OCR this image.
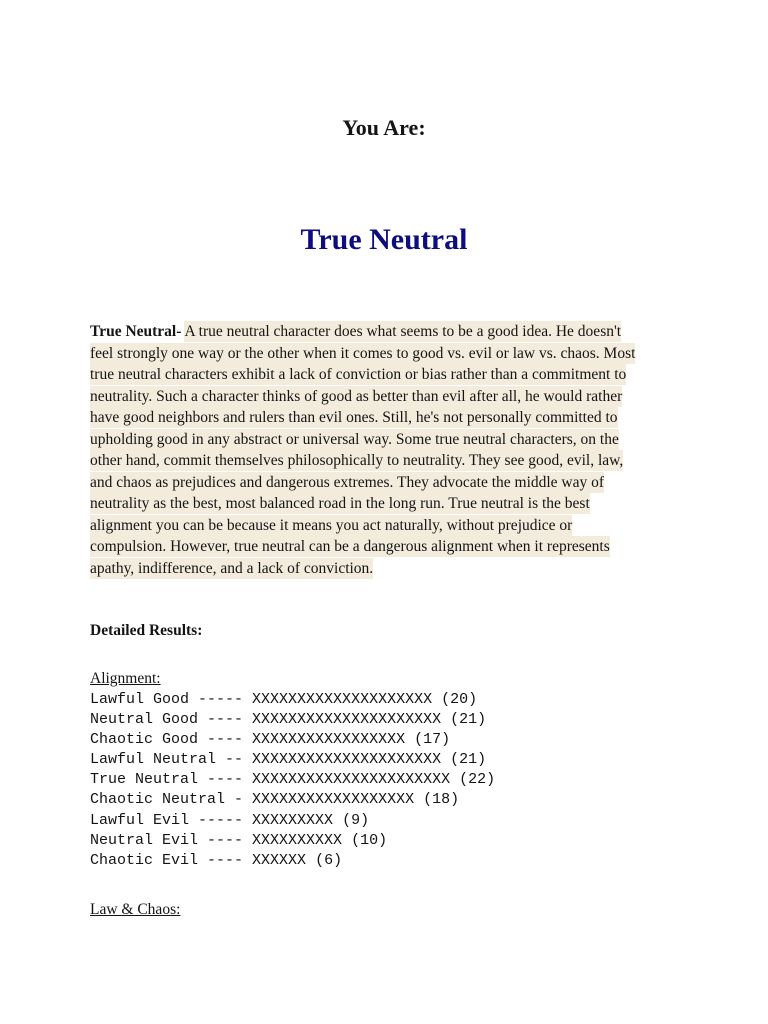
You Are:
True Neutral
True Neutral- A true neutral character does what seems to be a good idea. He doesn't
feel strongly one way or the other when it comes to good vs. evil or law vs. chaos. Most
true neutral characters exhibit a lack of conviction or bias rather than a commitment to
neutrality. Such a character thinks of good as better than evil after all, he would rather
have good neighbors and rulers than evil ones. Still, he's not personally committed to
upholding good in any abstract or universal way. Some true neutral characters, on the
other hand, commit themselves philosophically to neutrality. They see good, evil, law,
and chaos as prejudices and dangerous extremes. They advocate the middle way of
neutrality as the best, most balanced road in the long run. True neutral is the best
alignment you can be because it means you act naturally, without prejudice or
compulsion. However, true neutral can be a dangerous alignment when it represents
apathy, indifference, and a lack of conviction.
Detailed Results:
Alignment:
Lawful Good ----- XXXXXXXXXXXXXXXXXXXX (20)
Neutral Good ---- XXXXXXXXXXXXXXXXXXXXX (21)
Chaotic Good ---- XXXXXXXXXXXXXXXXX (17)
Lawful Neutral -- XXXXXXXXXXXXXXXXXXXXX (21)
True Neutral ---- XXXXXXXXXXXXXXXXXXXXXX (22)
Chaotic Neutral - XXXXXXXXXXXXXXXXXX (18)
Lawful Evil ----- XXXXXXXXX (9)
Neutral Evil ---- XXXXXXXXXX (10)
Chaotic Evil ---- XXXXXX (6)
Law & Chaos:
